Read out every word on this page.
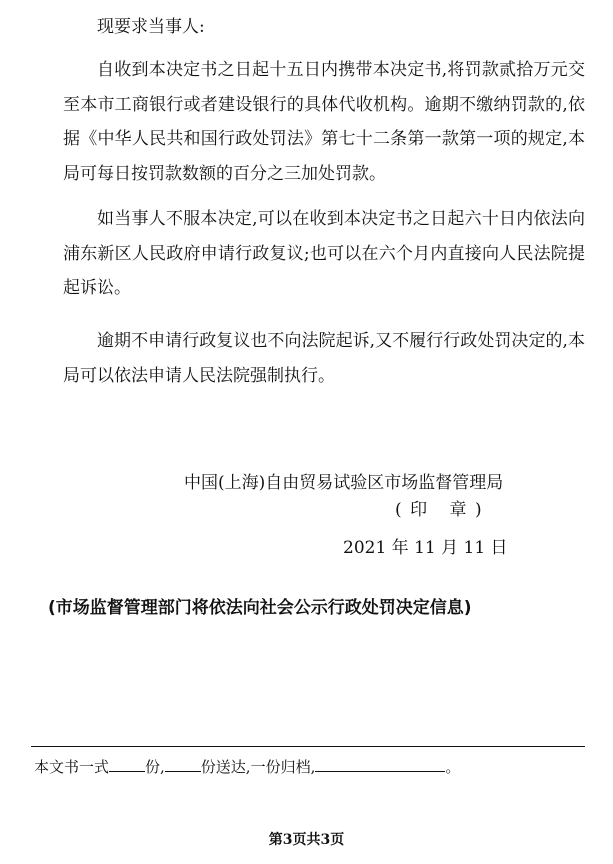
现要求当事人:

自收到本决定书之日起十五日内携带本决定书,将罚款贰拾万元交至本市工商银行或者建设银行的具体代收机构。逾期不缴纳罚款的,依据《中华人民共和国行政处罚法》第七十二条第一款第一项的规定,本局可每日按罚款数额的百分之三加处罚款。

如当事人不服本决定,可以在收到本决定书之日起六十日内依法向浦东新区人民政府申请行政复议;也可以在六个月内直接向人民法院提起诉讼。

逾期不申请行政复议也不向法院起诉,又不履行行政处罚决定的,本局可以依法申请人民法院强制执行。

中国(上海)自由贸易试验区市场监督管理局
(印 章)
2021 年 11 月 11 日
(市场监督管理部门将依法向社会公示行政处罚决定信息)
本文书一式 份, 份送达,一份归档,	。
第3页共3页
